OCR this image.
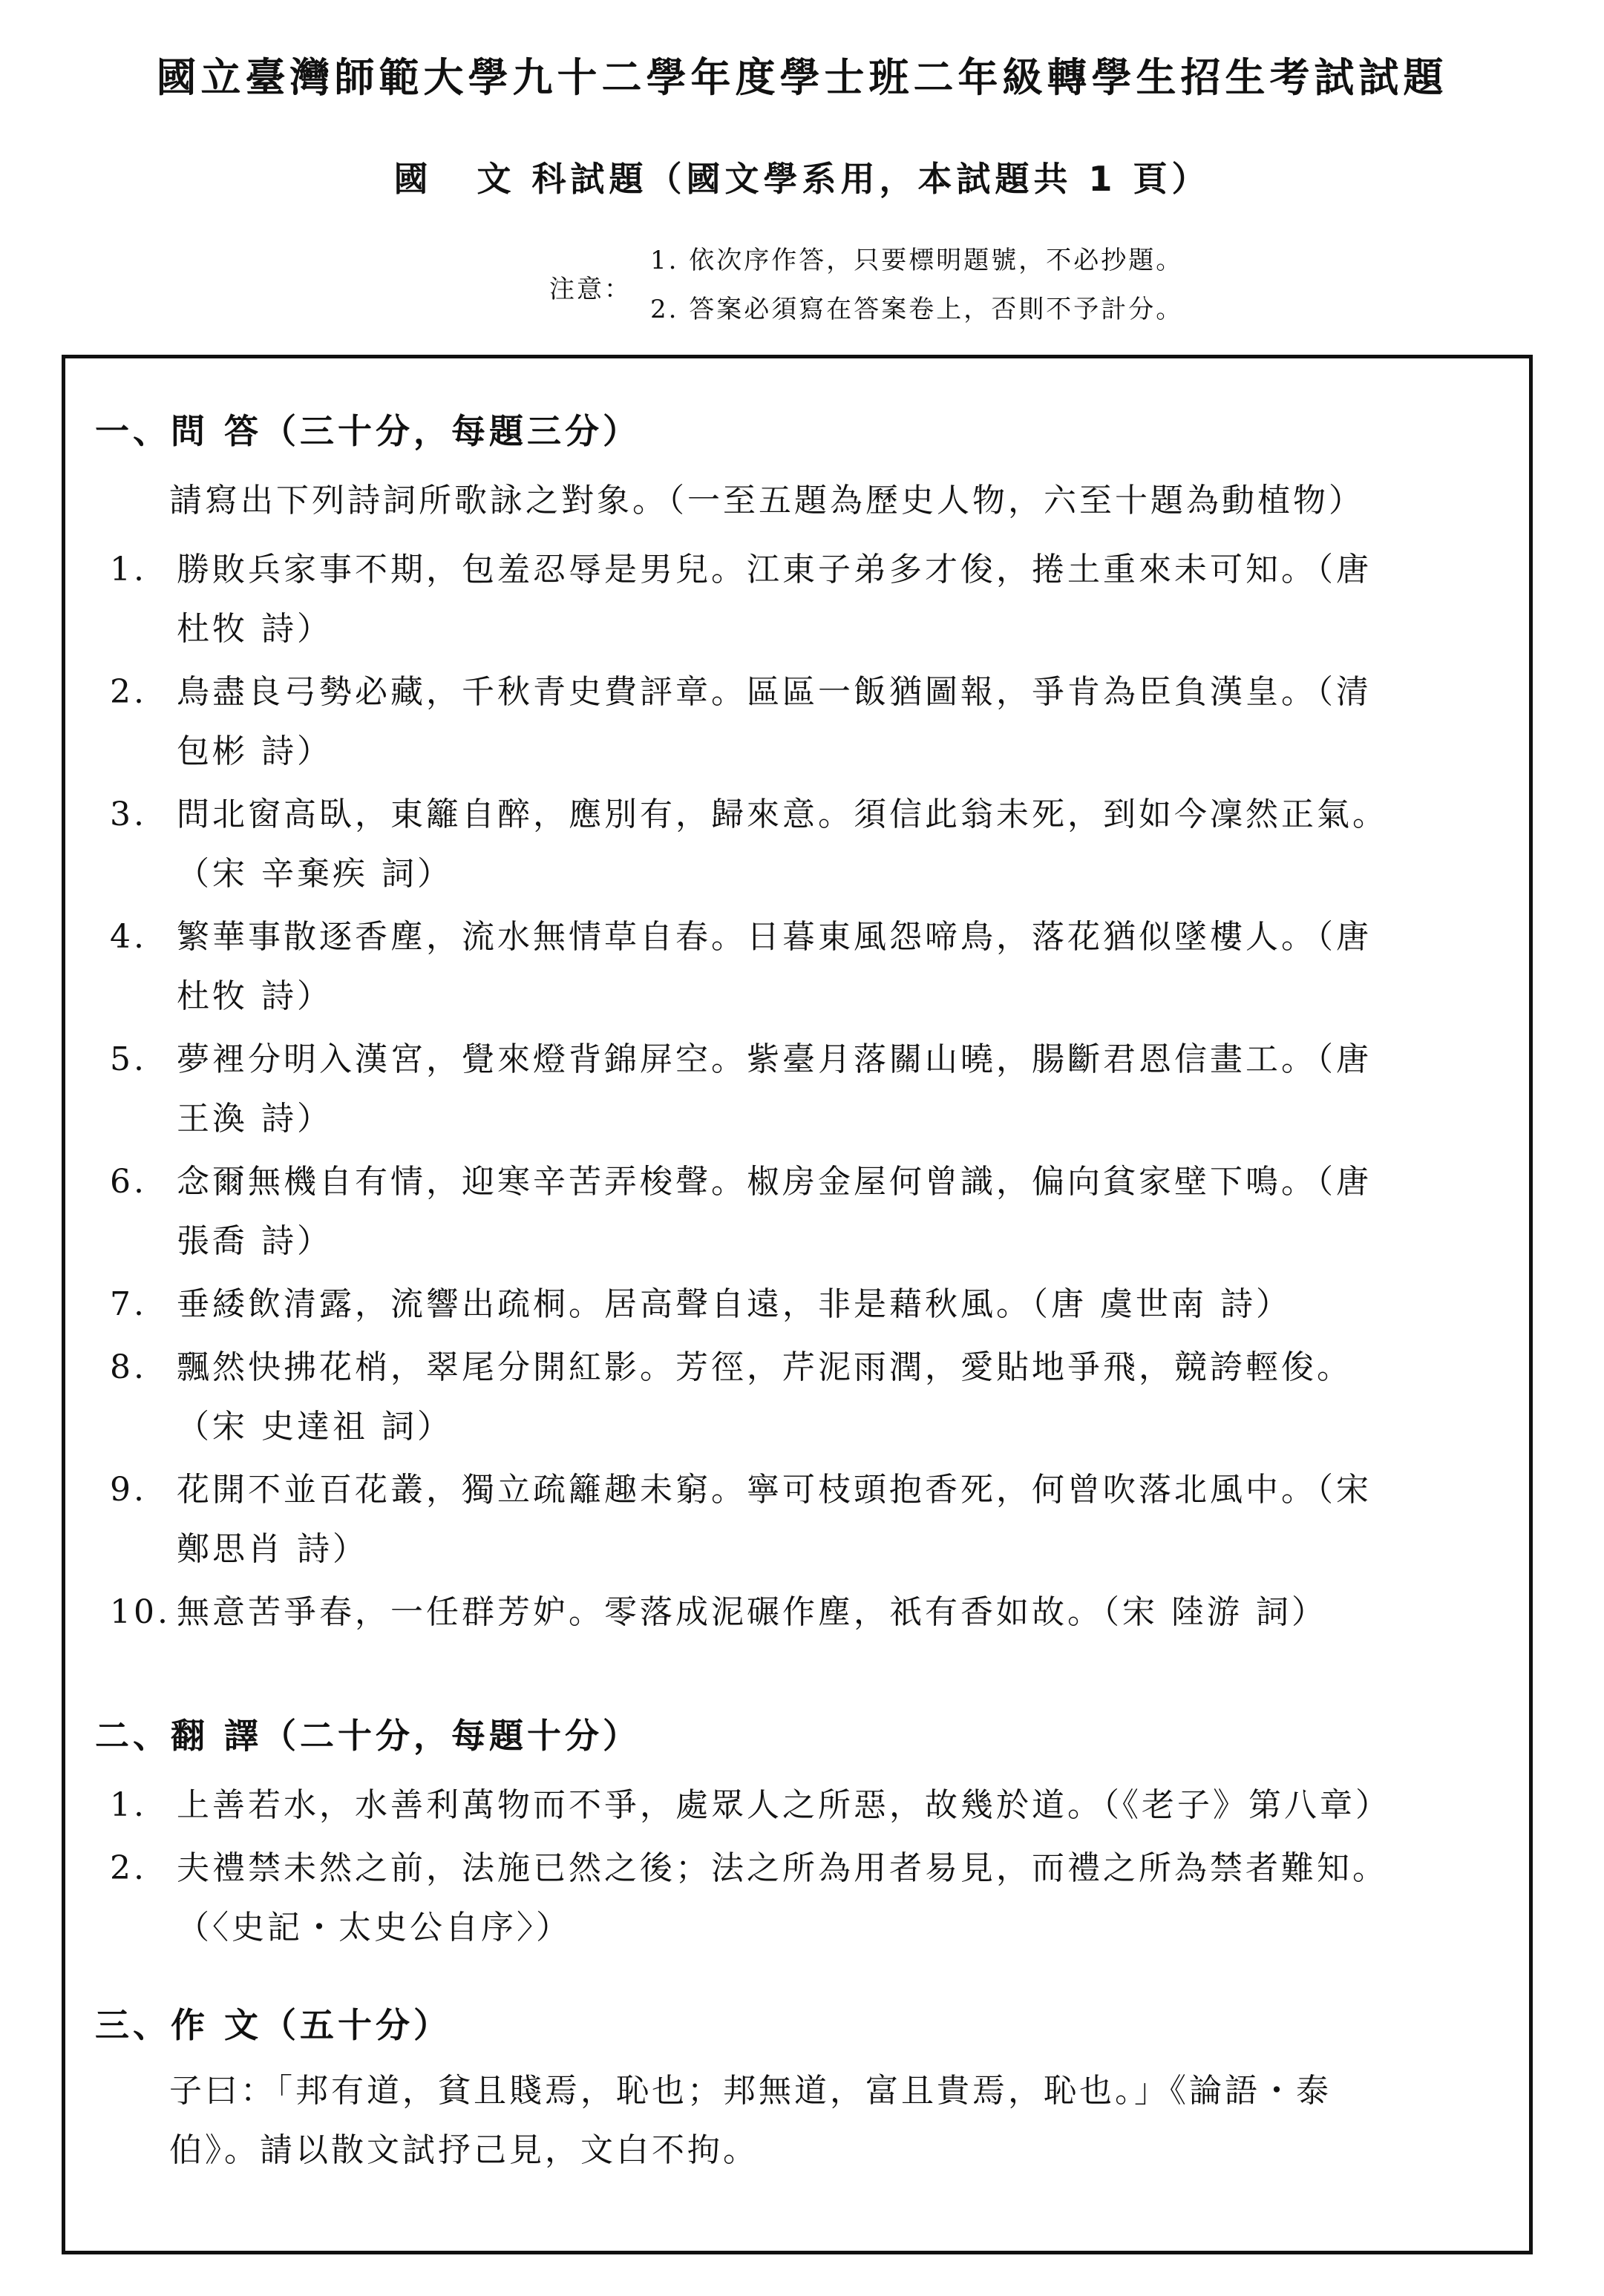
國立臺灣師範大學九十二學年度學士班二年級轉學生招生考試試題
國 文 科試題（國文學系用，本試題共 1 頁）
注意：
1. 依次序作答，只要標明題號，不必抄題。
2. 答案必須寫在答案卷上，否則不予計分。
一、問 答（三十分，每題三分）
請寫出下列詩詞所歌詠之對象。（一至五題為歷史人物，六至十題為動植物）
1. 勝敗兵家事不期，包羞忍辱是男兒。江東子弟多才俊，捲土重來未可知。（唐
杜牧 詩）
2. 鳥盡良弓勢必藏，千秋青史費評章。區區一飯猶圖報，爭肯為臣負漢皇。（清
包彬 詩）
3. 問北窗高臥，東籬自醉，應別有，歸來意。須信此翁未死，到如今凜然正氣。
（宋 辛棄疾 詞）
4. 繁華事散逐香塵，流水無情草自春。日暮東風怨啼鳥，落花猶似墜樓人。（唐
杜牧 詩）
5. 夢裡分明入漢宮，覺來燈背錦屏空。紫臺月落關山曉，腸斷君恩信畫工。（唐
王渙 詩）
6. 念爾無機自有情，迎寒辛苦弄梭聲。椒房金屋何曾識，偏向貧家壁下鳴。（唐
張喬 詩）
7. 垂緌飲清露，流響出疏桐。居高聲自遠，非是藉秋風。（唐 虞世南 詩）
8. 飄然快拂花梢，翠尾分開紅影。芳徑，芹泥雨潤，愛貼地爭飛，競誇輕俊。
（宋 史達祖 詞）
9. 花開不並百花叢，獨立疏籬趣未窮。寧可枝頭抱香死，何曾吹落北風中。（宋
鄭思肖 詩）
10. 無意苦爭春，一任群芳妒。零落成泥碾作塵，祇有香如故。（宋 陸游 詞）
二、翻 譯（二十分，每題十分）
1. 上善若水，水善利萬物而不爭，處眾人之所惡，故幾於道。（《老子》第八章）
2. 夫禮禁未然之前，法施已然之後；法之所為用者易見，而禮之所為禁者難知。
（〈史記・太史公自序〉）
三、作 文（五十分）
子曰：「邦有道，貧且賤焉，恥也；邦無道，富且貴焉，恥也。」《論語・泰
伯》。請以散文試抒己見，文白不拘。
